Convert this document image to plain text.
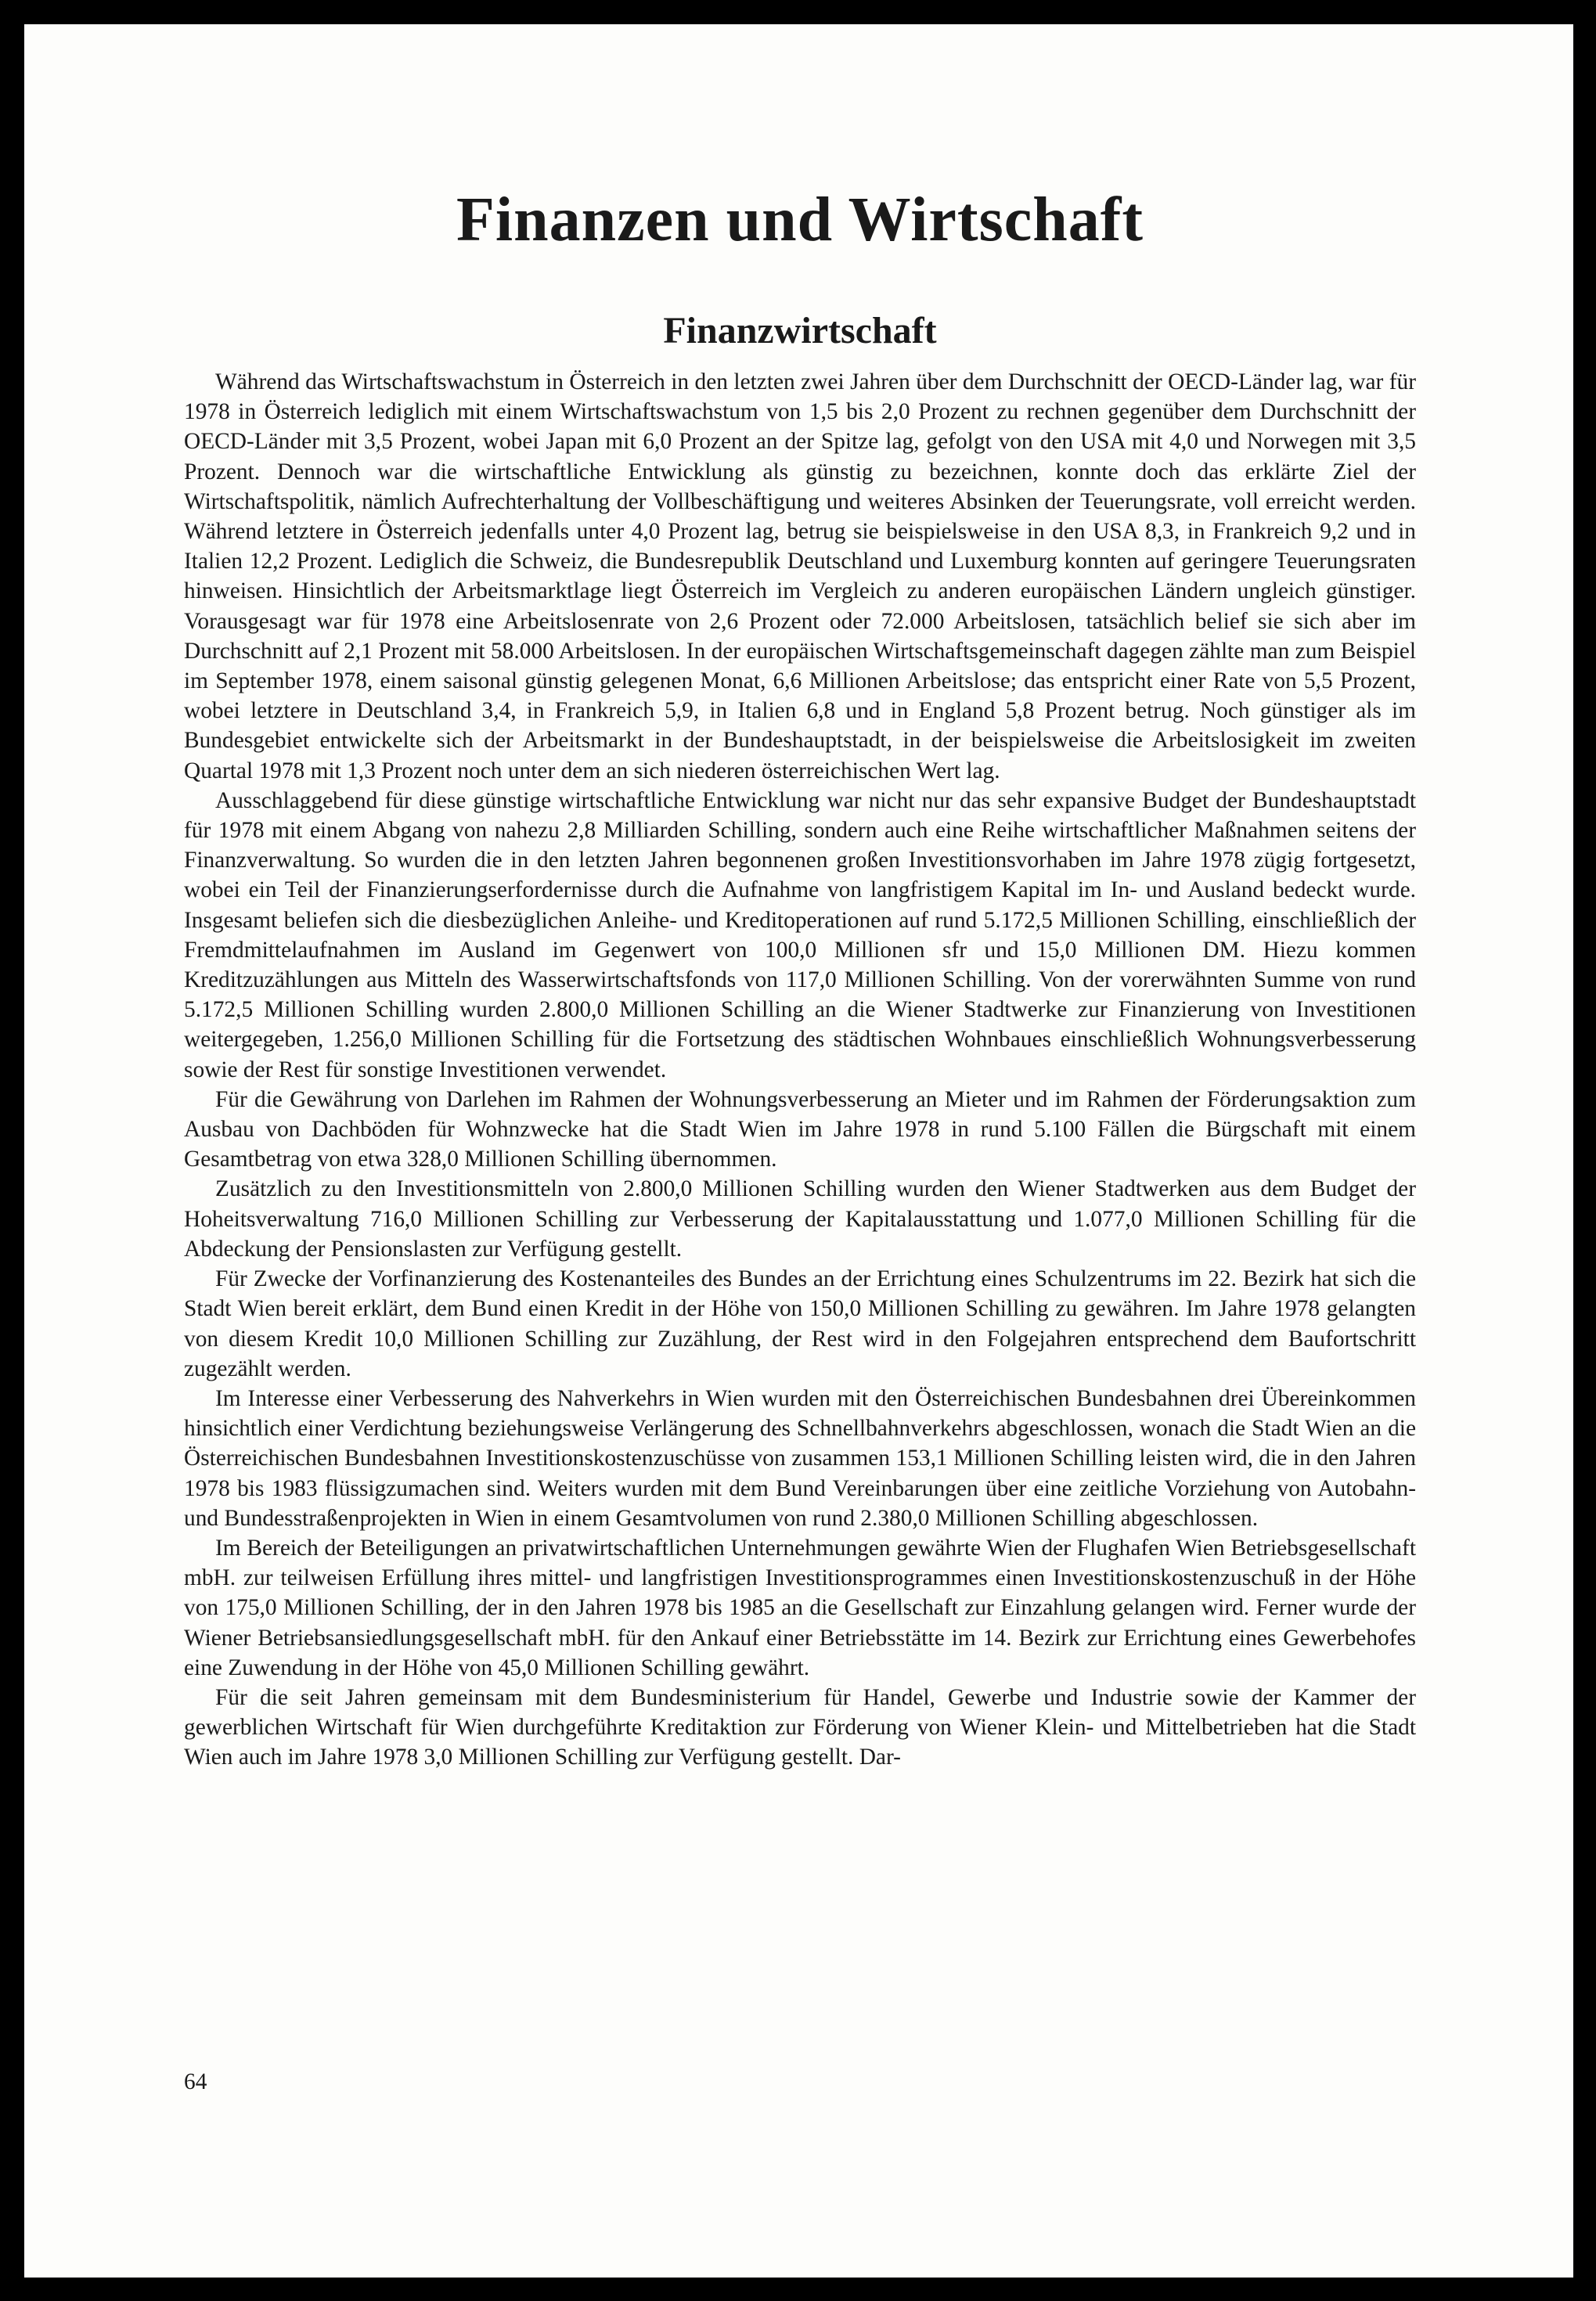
Finanzen und Wirtschaft
Finanzwirtschaft

Während das Wirtschaftswachstum in Österreich in den letzten zwei Jahren über dem Durchschnitt der OECD-Länder lag, war für 1978 in Österreich lediglich mit einem Wirtschaftswachstum von 1,5 bis 2,0 Prozent zu rechnen gegenüber dem Durchschnitt der OECD-Länder mit 3,5 Prozent, wobei Japan mit 6,0 Prozent an der Spitze lag, gefolgt von den USA mit 4,0 und Norwegen mit 3,5 Prozent. Dennoch war die wirtschaftliche Entwicklung als günstig zu bezeichnen, konnte doch das erklärte Ziel der Wirtschaftspolitik, nämlich Aufrechterhaltung der Vollbeschäftigung und weiteres Absinken der Teuerungsrate, voll erreicht werden. Während letztere in Österreich jedenfalls unter 4,0 Prozent lag, betrug sie beispielsweise in den USA 8,3, in Frankreich 9,2 und in Italien 12,2 Prozent. Lediglich die Schweiz, die Bundesrepublik Deutschland und Luxemburg konnten auf geringere Teuerungsraten hinweisen. Hinsichtlich der Arbeitsmarktlage liegt Österreich im Vergleich zu anderen europäischen Ländern ungleich günstiger. Vorausgesagt war für 1978 eine Arbeitslosenrate von 2,6 Prozent oder 72.000 Arbeitslosen, tatsächlich belief sie sich aber im Durchschnitt auf 2,1 Prozent mit 58.000 Arbeitslosen. In der europäischen Wirtschaftsgemeinschaft dagegen zählte man zum Beispiel im September 1978, einem saisonal günstig gelegenen Monat, 6,6 Millionen Arbeitslose; das entspricht einer Rate von 5,5 Prozent, wobei letztere in Deutschland 3,4, in Frankreich 5,9, in Italien 6,8 und in England 5,8 Prozent betrug. Noch günstiger als im Bundesgebiet entwickelte sich der Arbeitsmarkt in der Bundeshauptstadt, in der beispielsweise die Arbeitslosigkeit im zweiten Quartal 1978 mit 1,3 Prozent noch unter dem an sich niederen österreichischen Wert lag.

Ausschlaggebend für diese günstige wirtschaftliche Entwicklung war nicht nur das sehr expansive Budget der Bundeshauptstadt für 1978 mit einem Abgang von nahezu 2,8 Milliarden Schilling, sondern auch eine Reihe wirtschaftlicher Maßnahmen seitens der Finanzverwaltung. So wurden die in den letzten Jahren begonnenen großen Investitionsvorhaben im Jahre 1978 zügig fortgesetzt, wobei ein Teil der Finanzierungserfordernisse durch die Aufnahme von langfristigem Kapital im In- und Ausland bedeckt wurde. Insgesamt beliefen sich die diesbezüglichen Anleihe- und Kreditoperationen auf rund 5.172,5 Millionen Schilling, einschließlich der Fremdmittelaufnahmen im Ausland im Gegenwert von 100,0 Millionen sfr und 15,0 Millionen DM. Hiezu kommen Kreditzuzählungen aus Mitteln des Wasserwirtschaftsfonds von 117,0 Millionen Schilling. Von der vorerwähnten Summe von rund 5.172,5 Millionen Schilling wurden 2.800,0 Millionen Schilling an die Wiener Stadtwerke zur Finanzierung von Investitionen weitergegeben, 1.256,0 Millionen Schilling für die Fortsetzung des städtischen Wohnbaues einschließlich Wohnungsverbesserung sowie der Rest für sonstige Investitionen verwendet.

Für die Gewährung von Darlehen im Rahmen der Wohnungsverbesserung an Mieter und im Rahmen der Förderungsaktion zum Ausbau von Dachböden für Wohnzwecke hat die Stadt Wien im Jahre 1978 in rund 5.100 Fällen die Bürgschaft mit einem Gesamtbetrag von etwa 328,0 Millionen Schilling übernommen.

Zusätzlich zu den Investitionsmitteln von 2.800,0 Millionen Schilling wurden den Wiener Stadtwerken aus dem Budget der Hoheitsverwaltung 716,0 Millionen Schilling zur Verbesserung der Kapitalausstattung und 1.077,0 Millionen Schilling für die Abdeckung der Pensionslasten zur Verfügung gestellt.

Für Zwecke der Vorfinanzierung des Kostenanteiles des Bundes an der Errichtung eines Schulzentrums im 22. Bezirk hat sich die Stadt Wien bereit erklärt, dem Bund einen Kredit in der Höhe von 150,0 Millionen Schilling zu gewähren. Im Jahre 1978 gelangten von diesem Kredit 10,0 Millionen Schilling zur Zuzählung, der Rest wird in den Folgejahren entsprechend dem Baufortschritt zugezählt werden.

Im Interesse einer Verbesserung des Nahverkehrs in Wien wurden mit den Österreichischen Bundesbahnen drei Übereinkommen hinsichtlich einer Verdichtung beziehungsweise Verlängerung des Schnellbahnverkehrs abgeschlossen, wonach die Stadt Wien an die Österreichischen Bundesbahnen Investitionskostenzuschüsse von zusammen 153,1 Millionen Schilling leisten wird, die in den Jahren 1978 bis 1983 flüssigzumachen sind. Weiters wurden mit dem Bund Vereinbarungen über eine zeitliche Vorziehung von Autobahn- und Bundesstraßenprojekten in Wien in einem Gesamtvolumen von rund 2.380,0 Millionen Schilling abgeschlossen.

Im Bereich der Beteiligungen an privatwirtschaftlichen Unternehmungen gewährte Wien der Flughafen Wien Betriebsgesellschaft mbH. zur teilweisen Erfüllung ihres mittel- und langfristigen Investitionsprogrammes einen Investitionskostenzuschuß in der Höhe von 175,0 Millionen Schilling, der in den Jahren 1978 bis 1985 an die Gesellschaft zur Einzahlung gelangen wird. Ferner wurde der Wiener Betriebsansiedlungsgesellschaft mbH. für den Ankauf einer Betriebsstätte im 14. Bezirk zur Errichtung eines Gewerbehofes eine Zuwendung in der Höhe von 45,0 Millionen Schilling gewährt.

Für die seit Jahren gemeinsam mit dem Bundesministerium für Handel, Gewerbe und Industrie sowie der Kammer der gewerblichen Wirtschaft für Wien durchgeführte Kreditaktion zur Förderung von Wiener Klein- und Mittelbetrieben hat die Stadt Wien auch im Jahre 1978 3,0 Millionen Schilling zur Verfügung gestellt. Dar-

64
